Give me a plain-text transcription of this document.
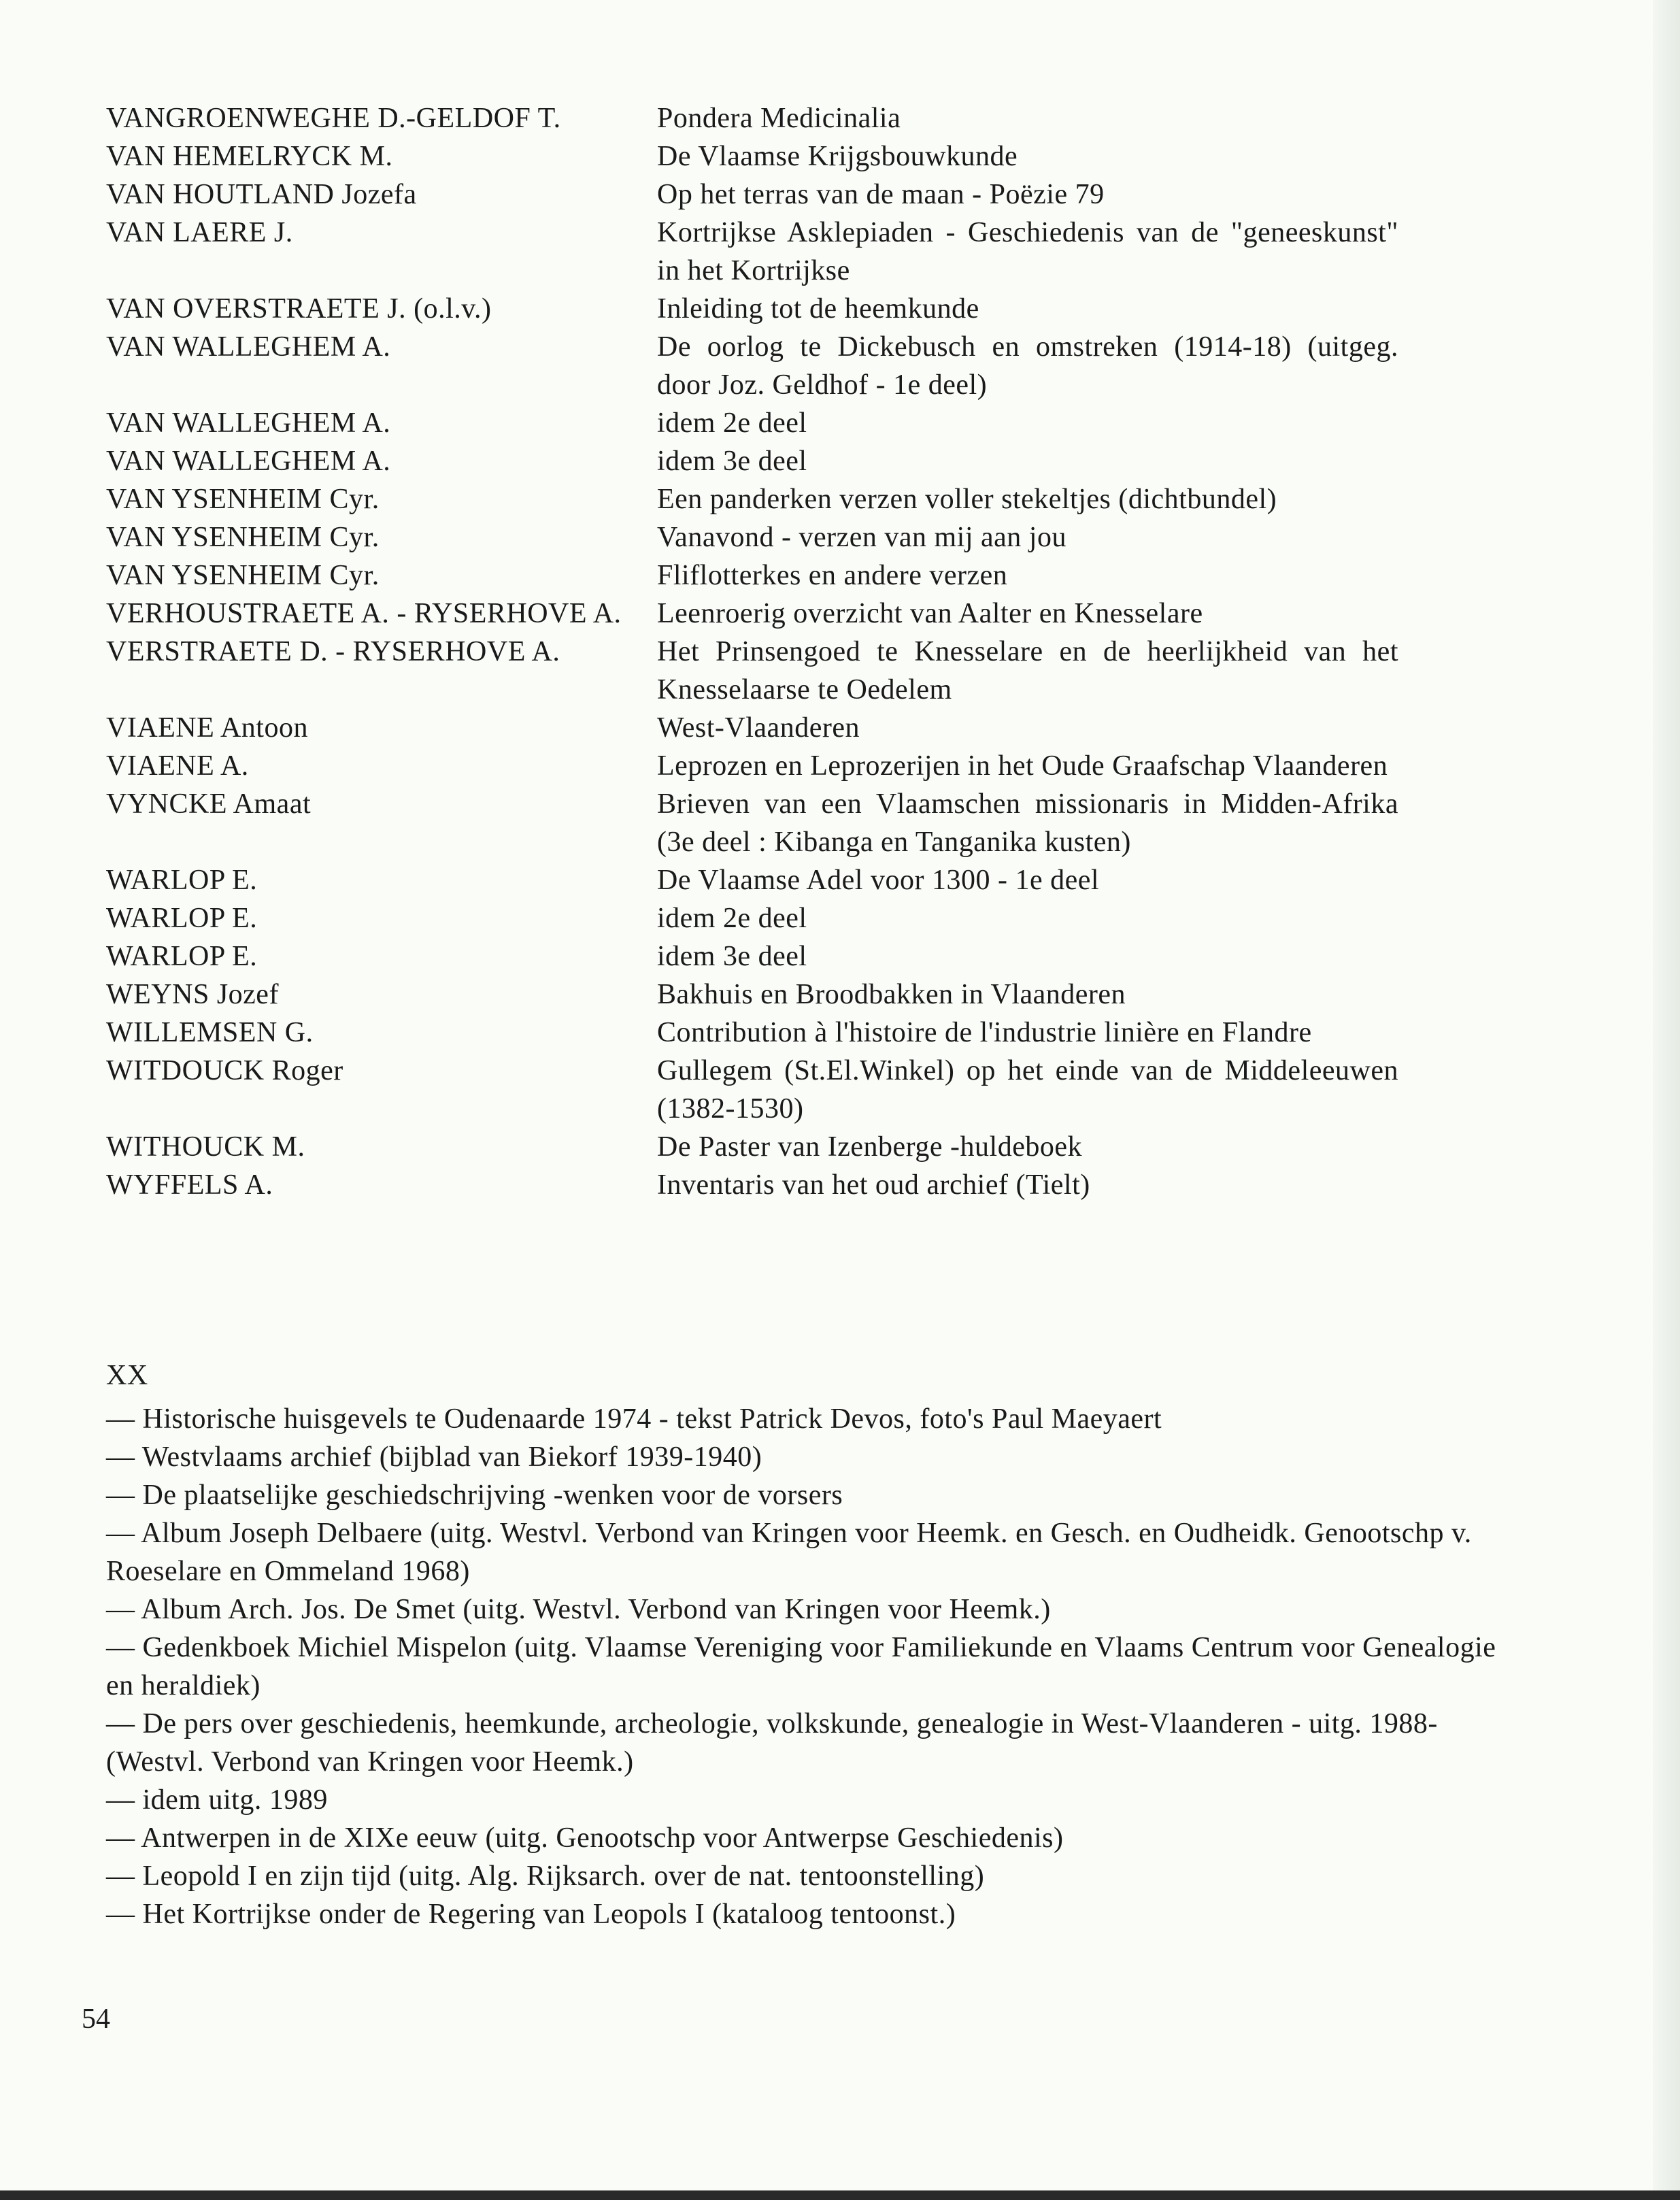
VANGROENWEGHE D.-GELDOF T.	Pondera Medicinalia
VAN HEMELRYCK M.	De Vlaamse Krijgsbouwkunde
VAN HOUTLAND Jozefa	Op het terras van de maan - Poëzie 79
VAN LAERE J.	Kortrijkse Asklepiaden - Geschiedenis van de "geneeskunst" in het Kortrijkse
VAN OVERSTRAETE J. (o.l.v.)	Inleiding tot de heemkunde
VAN WALLEGHEM A.	De oorlog te Dickebusch en omstreken (1914-18) (uitgeg. door Joz. Geldhof - 1e deel)
VAN WALLEGHEM A.	idem 2e deel
VAN WALLEGHEM A.	idem 3e deel
VAN YSENHEIM Cyr.	Een panderken verzen voller stekeltjes (dichtbundel)
VAN YSENHEIM Cyr.	Vanavond - verzen van mij aan jou
VAN YSENHEIM Cyr.	Fliflotterkes en andere verzen
VERHOUSTRAETE A. - RYSERHOVE A.	Leenroerig overzicht van Aalter en Knesselare
VERSTRAETE D. - RYSERHOVE A.	Het Prinsengoed te Knesselare en de heerlijkheid van het Knesselaarse te Oedelem
VIAENE Antoon	West-Vlaanderen
VIAENE A.	Leprozen en Leprozerijen in het Oude Graafschap Vlaanderen
VYNCKE Amaat	Brieven van een Vlaamschen missionaris in Midden-Afrika (3e deel : Kibanga en Tanganika kusten)
WARLOP E.	De Vlaamse Adel voor 1300 - 1e deel
WARLOP E.	idem 2e deel
WARLOP E.	idem 3e deel
WEYNS Jozef	Bakhuis en Broodbakken in Vlaanderen
WILLEMSEN G.	Contribution à l'histoire de l'industrie linière en Flandre
WITDOUCK Roger	Gullegem (St.El.Winkel) op het einde van de Middeleeuwen (1382-1530)
WITHOUCK M.	De Paster van Izenberge -huldeboek
WYFFELS A.	Inventaris van het oud archief (Tielt)

XX

— Historische huisgevels te Oudenaarde 1974 - tekst Patrick Devos, foto's Paul Maeyaert

— Westvlaams archief (bijblad van Biekorf 1939-1940)

— De plaatselijke geschiedschrijving -wenken voor de vorsers

— Album Joseph Delbaere (uitg. Westvl. Verbond van Kringen voor Heemk. en Gesch. en Oudheidk. Genootschp v. Roeselare en Ommeland 1968)

— Album Arch. Jos. De Smet (uitg. Westvl. Verbond van Kringen voor Heemk.)

— Gedenkboek Michiel Mispelon (uitg. Vlaamse Vereniging voor Familiekunde en Vlaams Centrum voor Genealogie en heraldiek)

— De pers over geschiedenis, heemkunde, archeologie, volkskunde, genealogie in West-Vlaanderen - uitg. 1988- (Westvl. Verbond van Kringen voor Heemk.)

— idem uitg. 1989

— Antwerpen in de XIXe eeuw (uitg. Genootschp voor Antwerpse Geschiedenis)

— Leopold I en zijn tijd (uitg. Alg. Rijksarch. over de nat. tentoonstelling)

— Het Kortrijkse onder de Regering van Leopols I (kataloog tentoonst.)

54
